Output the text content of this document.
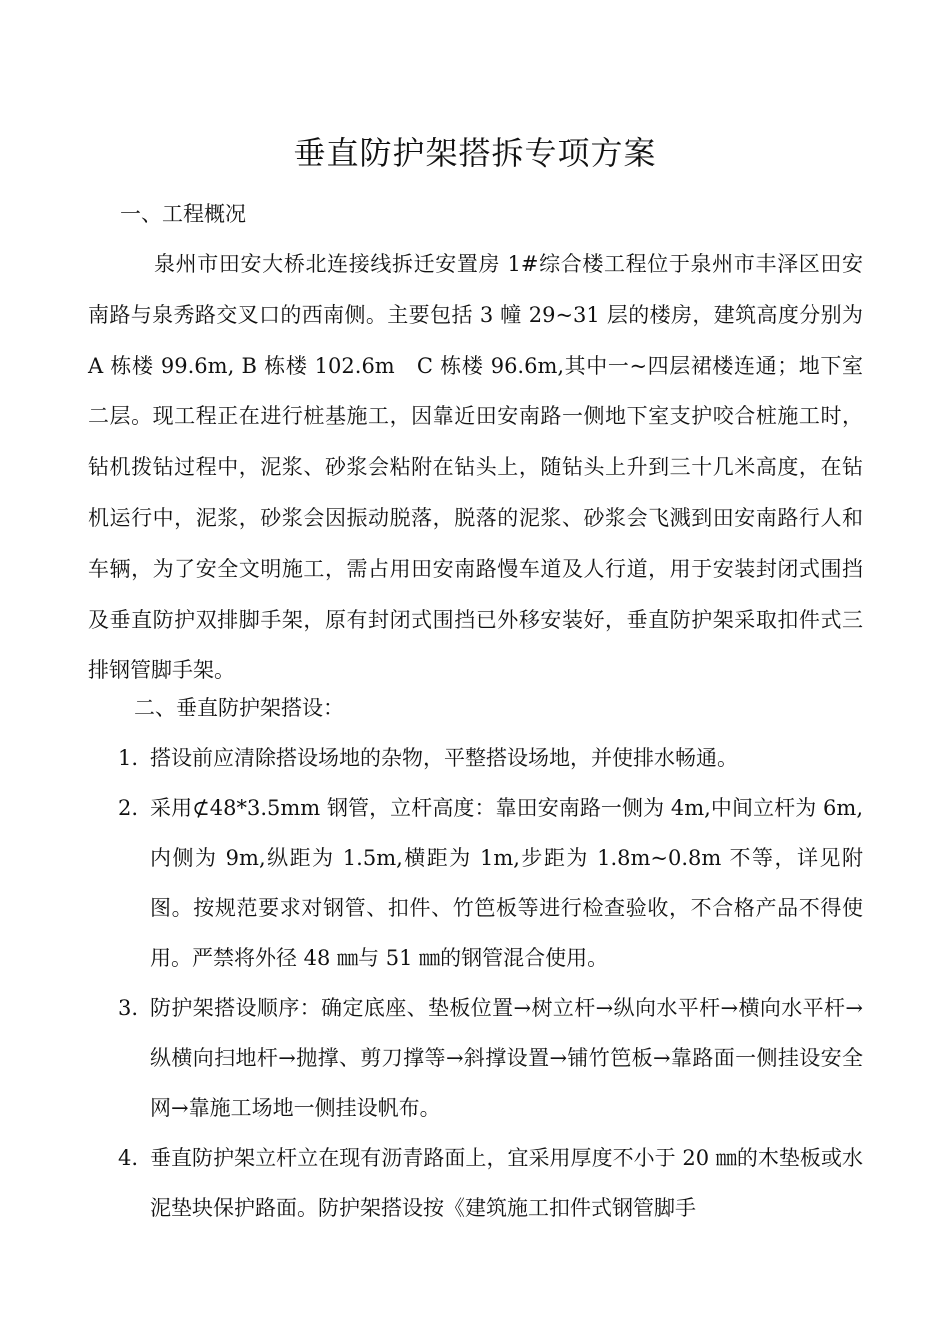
垂直防护架搭拆专项方案

一、工程概况

泉州市田安大桥北连接线拆迁安置房 1#综合楼工程位于泉州市丰泽区田安南路与泉秀路交叉口的西南侧。主要包括 3 幢 29~31 层的楼房，建筑高度分别为 A 栋楼 99.6m, B 栋楼 102.6m　C 栋楼 96.6m,其中一~四层裙楼连通；地下室二层。现工程正在进行桩基施工，因靠近田安南路一侧地下室支护咬合桩施工时，钻机拨钻过程中，泥浆、砂浆会粘附在钻头上，随钻头上升到三十几米高度，在钻机运行中，泥浆，砂浆会因振动脱落，脱落的泥浆、砂浆会飞溅到田安南路行人和车辆，为了安全文明施工，需占用田安南路慢车道及人行道，用于安装封闭式围挡及垂直防护双排脚手架，原有封闭式围挡已外移安装好，垂直防护架采取扣件式三排钢管脚手架。

二、垂直防护架搭设：

1. 搭设前应清除搭设场地的杂物，平整搭设场地，并使排水畅通。
2. 采用⊄48*3.5mm 钢管，立杆高度：靠田安南路一侧为 4m,中间立杆为 6m,内侧为 9m,纵距为 1.5m,横距为 1m,步距为 1.8m~0.8m 不等，详见附图。按规范要求对钢管、扣件、竹笆板等进行检查验收，不合格产品不得使用。严禁将外径 48 ㎜与 51 ㎜的钢管混合使用。
3. 防护架搭设顺序：确定底座、垫板位置→树立杆→纵向水平杆→横向水平杆→纵横向扫地杆→抛撑、剪刀撑等→斜撑设置→铺竹笆板→靠路面一侧挂设安全网→靠施工场地一侧挂设帆布。
4. 垂直防护架立杆立在现有沥青路面上，宜采用厚度不小于 20 ㎜的木垫板或水泥垫块保护路面。防护架搭设按《建筑施工扣件式钢管脚手
